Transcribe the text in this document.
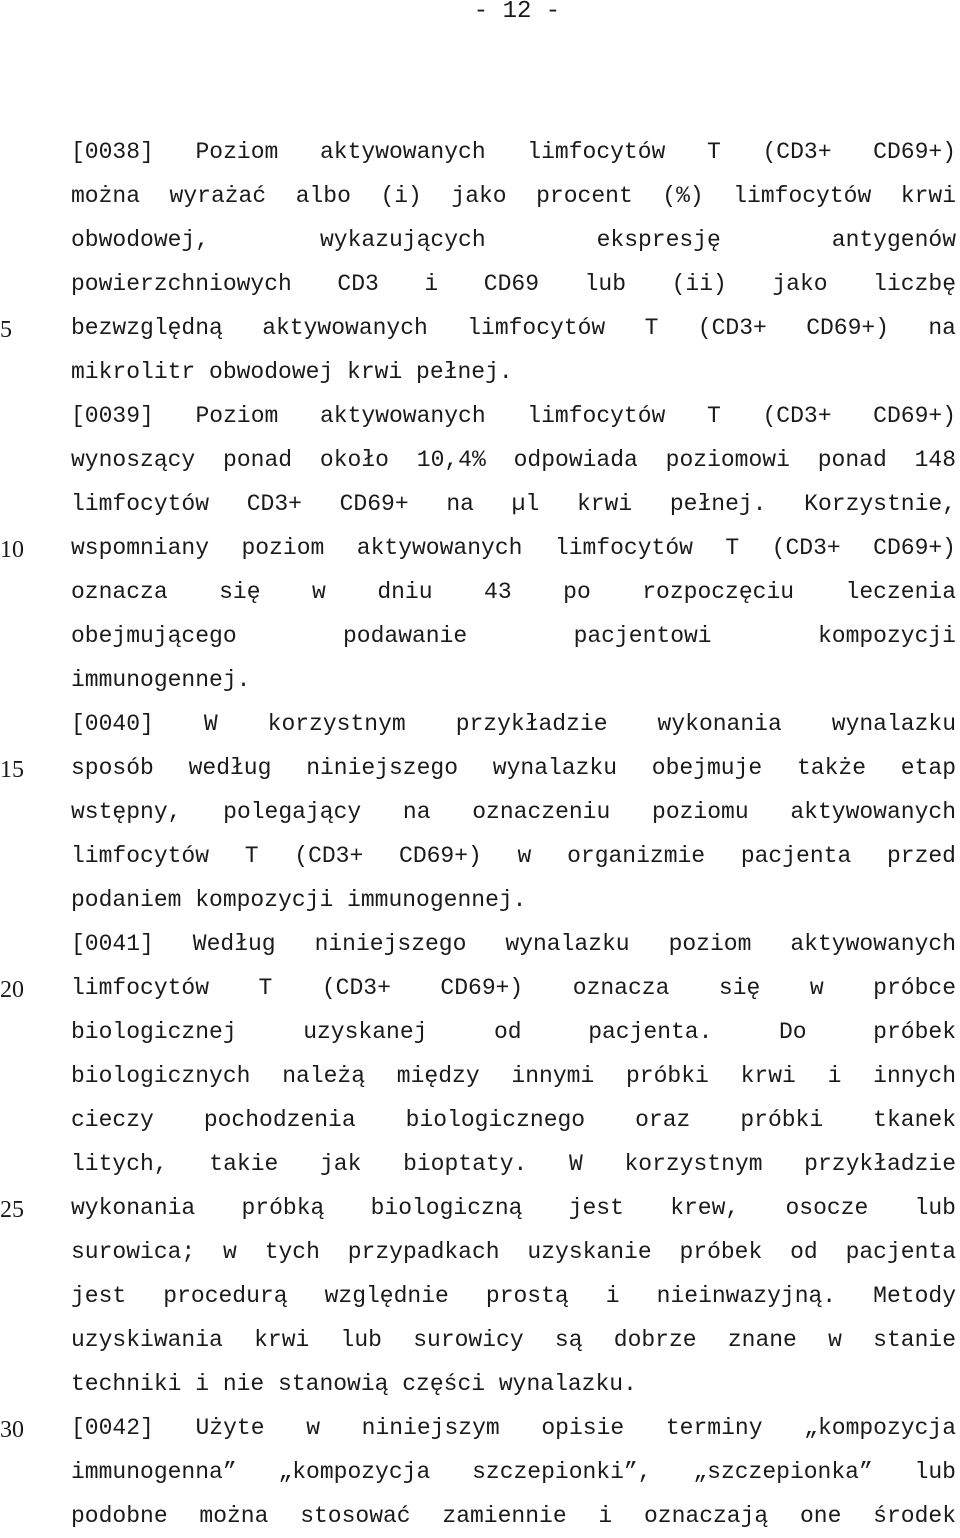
- 12 -
5
10
15
20
25
30
[0038] Poziom aktywowanych limfocytów T (CD3+ CD69+)
można wyrażać albo (i) jako procent (%) limfocytów krwi
obwodowej, wykazujących ekspresję antygenów
powierzchniowych CD3 i CD69 lub (ii) jako liczbę
bezwzględną aktywowanych limfocytów T (CD3+ CD69+) na
mikrolitr obwodowej krwi pełnej.
[0039] Poziom aktywowanych limfocytów T (CD3+ CD69+)
wynoszący ponad około 10,4% odpowiada poziomowi ponad 148
limfocytów CD3+ CD69+ na µl krwi pełnej. Korzystnie,
wspomniany poziom aktywowanych limfocytów T (CD3+ CD69+)
oznacza się w dniu 43 po rozpoczęciu leczenia
obejmującego podawanie pacjentowi kompozycji
immunogennej.
[0040] W korzystnym przykładzie wykonania wynalazku
sposób według niniejszego wynalazku obejmuje także etap
wstępny, polegający na oznaczeniu poziomu aktywowanych
limfocytów T (CD3+ CD69+) w organizmie pacjenta przed
podaniem kompozycji immunogennej.
[0041] Według niniejszego wynalazku poziom aktywowanych
limfocytów T (CD3+ CD69+) oznacza się w próbce
biologicznej uzyskanej od pacjenta. Do próbek
biologicznych należą między innymi próbki krwi i innych
cieczy pochodzenia biologicznego oraz próbki tkanek
litych, takie jak bioptaty. W korzystnym przykładzie
wykonania próbką biologiczną jest krew, osocze lub
surowica; w tych przypadkach uzyskanie próbek od pacjenta
jest procedurą względnie prostą i nieinwazyjną. Metody
uzyskiwania krwi lub surowicy są dobrze znane w stanie
techniki i nie stanowią części wynalazku.
[0042] Użyte w niniejszym opisie terminy „kompozycja
immunogenna” „kompozycja szczepionki”, „szczepionka” lub
podobne można stosować zamiennie i oznaczają one środek
